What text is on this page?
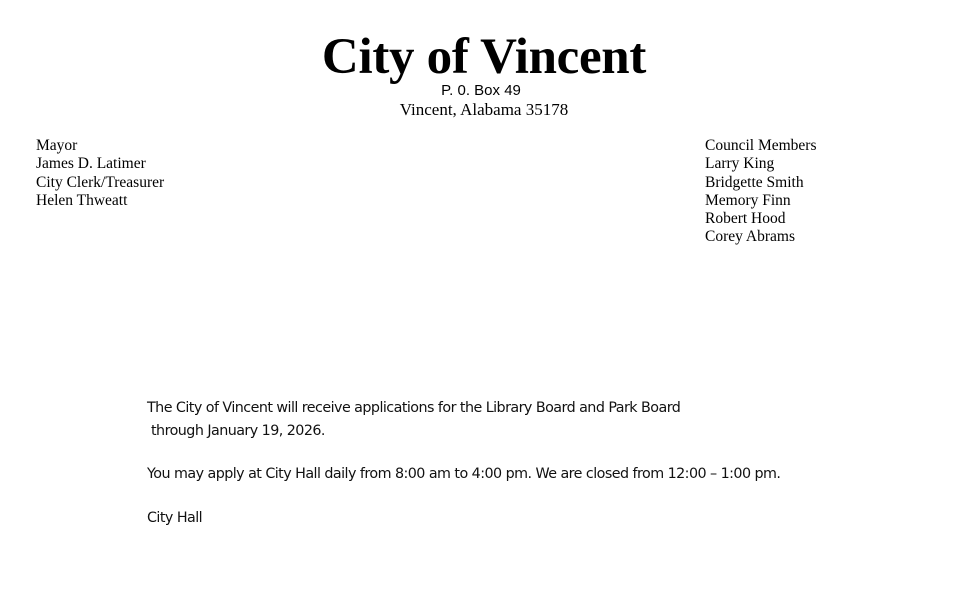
City of Vincent
P. 0. Box 49
Vincent, Alabama 35178
Mayor
James D. Latimer
City Clerk/Treasurer
Helen Thweatt
Council Members
Larry King
Bridgette Smith
Memory Finn
Robert Hood
Corey Abrams

The City of Vincent will receive applications for the Library Board and Park Board

through January 19, 2026.

You may apply at City Hall daily from 8:00 am to 4:00 pm. We are closed from 12:00 – 1:00 pm.

City Hall
